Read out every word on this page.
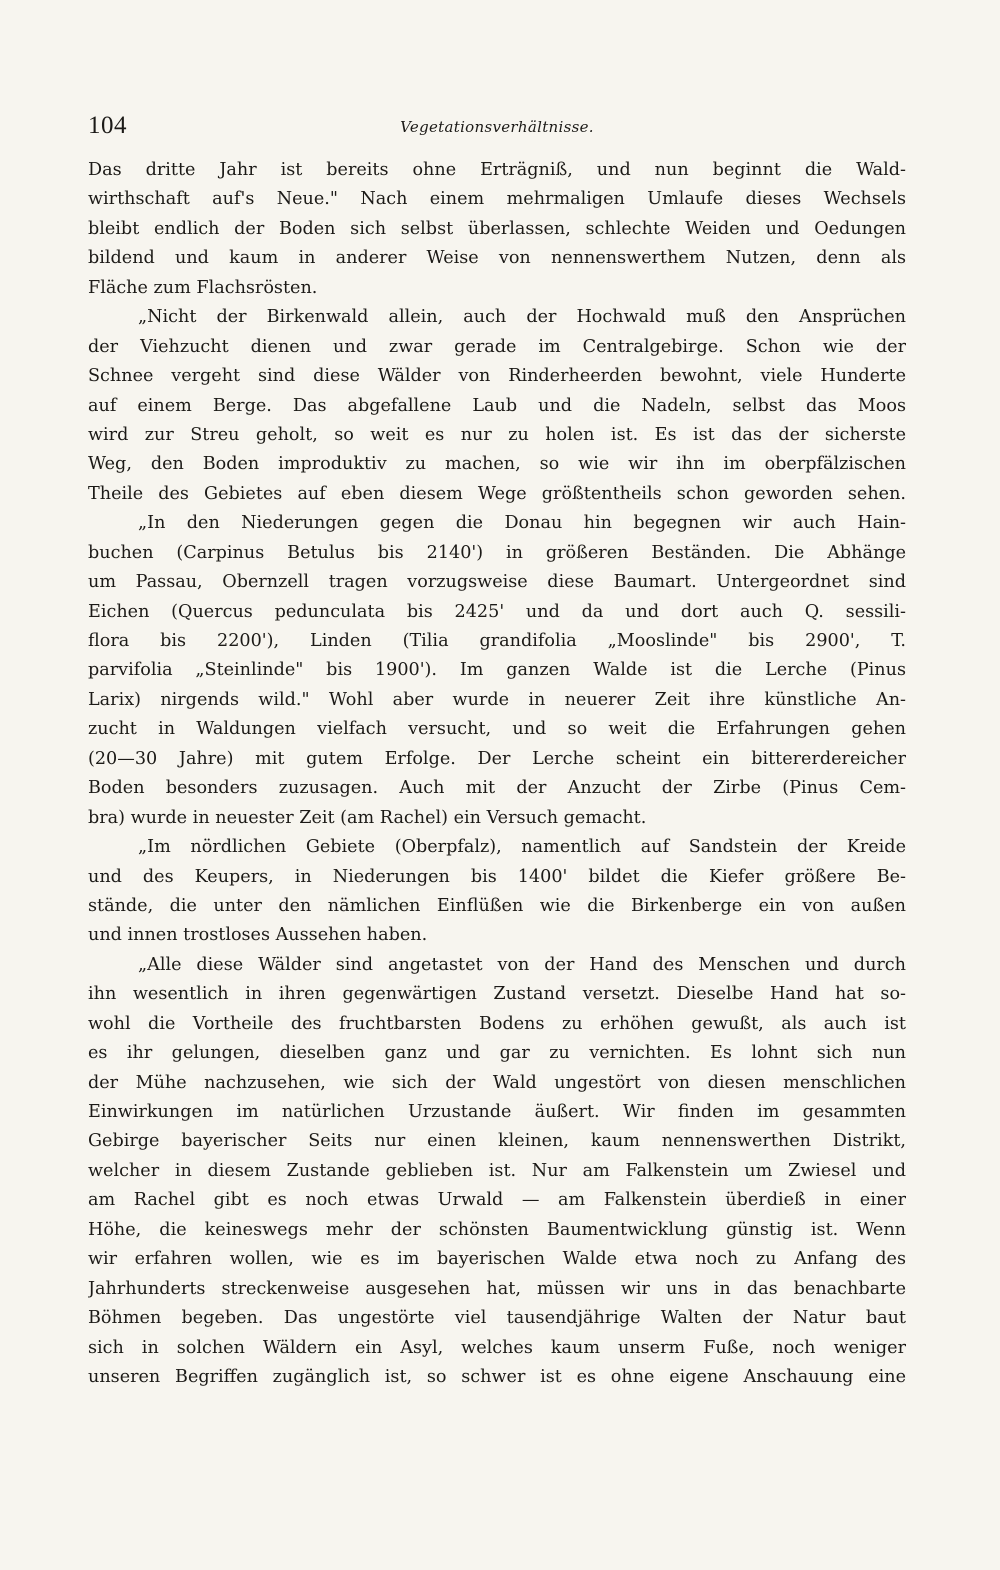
104	Vegetationsverhältnisse.
Das dritte Jahr ist bereits ohne Erträgniß, und nun beginnt die Wald-
wirthschaft auf's Neue." Nach einem mehrmaligen Umlaufe dieses Wechsels
bleibt endlich der Boden sich selbst überlassen, schlechte Weiden und Oedungen
bildend und kaum in anderer Weise von nennenswerthem Nutzen, denn als
Fläche zum Flachsrösten.
„Nicht der Birkenwald allein, auch der Hochwald muß den Ansprüchen
der Viehzucht dienen und zwar gerade im Centralgebirge. Schon wie der
Schnee vergeht sind diese Wälder von Rinderheerden bewohnt, viele Hunderte
auf einem Berge. Das abgefallene Laub und die Nadeln, selbst das Moos
wird zur Streu geholt, so weit es nur zu holen ist. Es ist das der sicherste
Weg, den Boden improduktiv zu machen, so wie wir ihn im oberpfälzischen
Theile des Gebietes auf eben diesem Wege größtentheils schon geworden sehen.
„In den Niederungen gegen die Donau hin begegnen wir auch Hain-
buchen (Carpinus Betulus bis 2140') in größeren Beständen. Die Abhänge
um Passau, Obernzell tragen vorzugsweise diese Baumart. Untergeordnet sind
Eichen (Quercus pedunculata bis 2425' und da und dort auch Q. sessili-
flora bis 2200'), Linden (Tilia grandifolia „Mooslinde" bis 2900', T.
parvifolia „Steinlinde" bis 1900'). Im ganzen Walde ist die Lerche (Pinus
Larix) nirgends wild." Wohl aber wurde in neuerer Zeit ihre künstliche An-
zucht in Waldungen vielfach versucht, und so weit die Erfahrungen gehen
(20—30 Jahre) mit gutem Erfolge. Der Lerche scheint ein bittererdereicher
Boden besonders zuzusagen. Auch mit der Anzucht der Zirbe (Pinus Cem-
bra) wurde in neuester Zeit (am Rachel) ein Versuch gemacht.
„Im nördlichen Gebiete (Oberpfalz), namentlich auf Sandstein der Kreide
und des Keupers, in Niederungen bis 1400' bildet die Kiefer größere Be-
stände, die unter den nämlichen Einflüßen wie die Birkenberge ein von außen
und innen trostloses Aussehen haben.
„Alle diese Wälder sind angetastet von der Hand des Menschen und durch
ihn wesentlich in ihren gegenwärtigen Zustand versetzt. Dieselbe Hand hat so-
wohl die Vortheile des fruchtbarsten Bodens zu erhöhen gewußt, als auch ist
es ihr gelungen, dieselben ganz und gar zu vernichten. Es lohnt sich nun
der Mühe nachzusehen, wie sich der Wald ungestört von diesen menschlichen
Einwirkungen im natürlichen Urzustande äußert. Wir finden im gesammten
Gebirge bayerischer Seits nur einen kleinen, kaum nennenswerthen Distrikt,
welcher in diesem Zustande geblieben ist. Nur am Falkenstein um Zwiesel und
am Rachel gibt es noch etwas Urwald — am Falkenstein überdieß in einer
Höhe, die keineswegs mehr der schönsten Baumentwicklung günstig ist. Wenn
wir erfahren wollen, wie es im bayerischen Walde etwa noch zu Anfang des
Jahrhunderts streckenweise ausgesehen hat, müssen wir uns in das benachbarte
Böhmen begeben. Das ungestörte viel tausendjährige Walten der Natur baut
sich in solchen Wäldern ein Asyl, welches kaum unserm Fuße, noch weniger
unseren Begriffen zugänglich ist, so schwer ist es ohne eigene Anschauung eine
